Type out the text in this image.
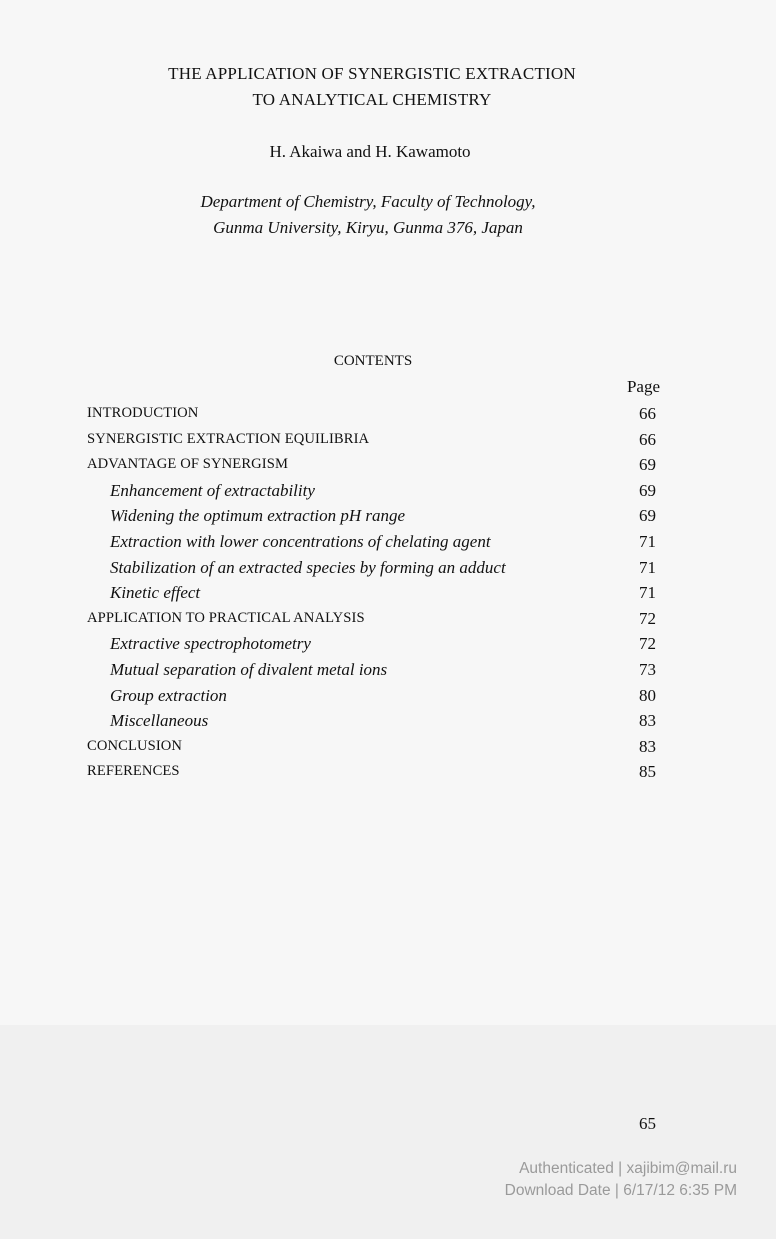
THE APPLICATION OF SYNERGISTIC EXTRACTION
TO ANALYTICAL CHEMISTRY
H. Akaiwa and H. Kawamoto
Department of Chemistry, Faculty of Technology,
Gunma University, Kiryu, Gunma 376, Japan
CONTENTS
Page
INTRODUCTION	66
SYNERGISTIC EXTRACTION EQUILIBRIA	66
ADVANTAGE OF SYNERGISM	69
Enhancement of extractability	69
Widening the optimum extraction pH range	69
Extraction with lower concentrations of chelating agent	71
Stabilization of an extracted species by forming an adduct	71
Kinetic effect	71
APPLICATION TO PRACTICAL ANALYSIS	72
Extractive spectrophotometry	72
Mutual separation of divalent metal ions	73
Group extraction	80
Miscellaneous	83
CONCLUSION	83
REFERENCES	85
65
Authenticated | xajibim@mail.ru
Download Date | 6/17/12 6:35 PM
